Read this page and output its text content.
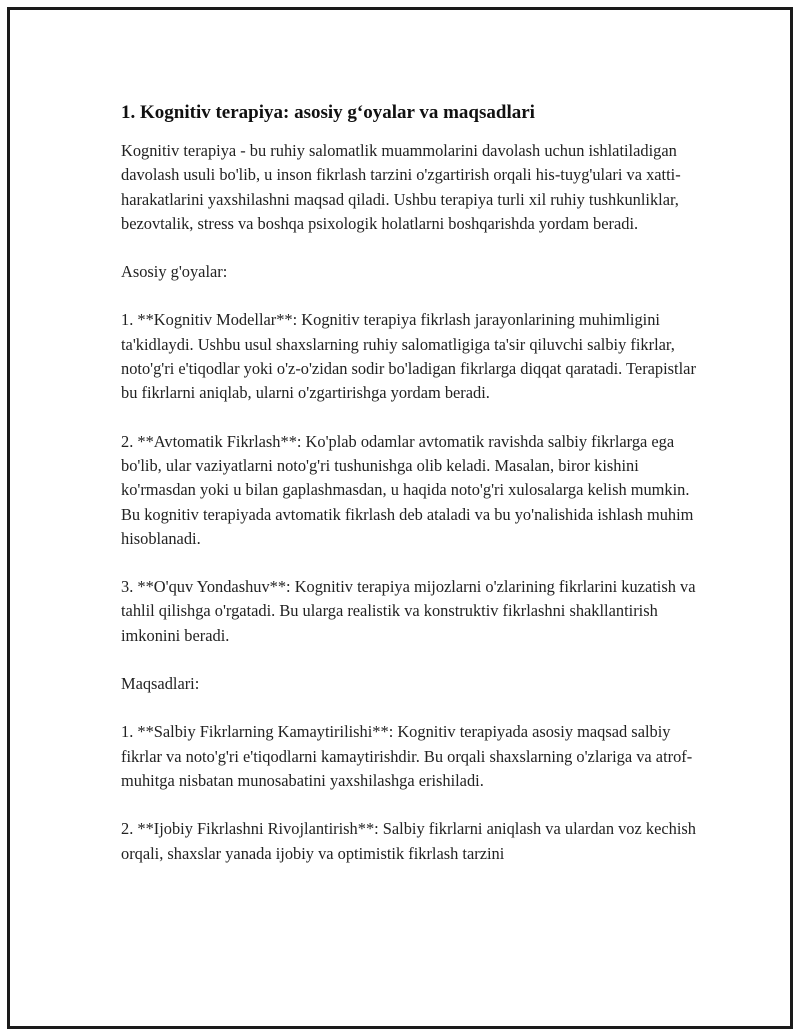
1. Kognitiv terapiya: asosiy g‘oyalar va maqsadlari

Kognitiv terapiya - bu ruhiy salomatlik muammolarini davolash uchun ishlatiladigan davolash usuli bo'lib, u inson fikrlash tarzini o'zgartirish orqali his-tuyg'ulari va xatti-harakatlarini yaxshilashni maqsad qiladi. Ushbu terapiya turli xil ruhiy tushkunliklar, bezovtalik, stress va boshqa psixologik holatlarni boshqarishda yordam beradi.

Asosiy g'oyalar:

1. **Kognitiv Modellar**: Kognitiv terapiya fikrlash jarayonlarining muhimligini ta'kidlaydi. Ushbu usul shaxslarning ruhiy salomatligiga ta'sir qiluvchi salbiy fikrlar, noto'g'ri e'tiqodlar yoki o'z-o'zidan sodir bo'ladigan fikrlarga diqqat qaratadi. Terapistlar bu fikrlarni aniqlab, ularni o'zgartirishga yordam beradi.

2. **Avtomatik Fikrlash**: Ko'plab odamlar avtomatik ravishda salbiy fikrlarga ega bo'lib, ular vaziyatlarni noto'g'ri tushunishga olib keladi. Masalan, biror kishini ko'rmasdan yoki u bilan gaplashmasdan, u haqida noto'g'ri xulosalarga kelish mumkin. Bu kognitiv terapiyada avtomatik fikrlash deb ataladi va bu yo'nalishida ishlash muhim hisoblanadi.

3. **O'quv Yondashuv**: Kognitiv terapiya mijozlarni o'zlarining fikrlarini kuzatish va tahlil qilishga o'rgatadi. Bu ularga realistik va konstruktiv fikrlashni shakllantirish imkonini beradi.

Maqsadlari:

1. **Salbiy Fikrlarning Kamaytirilishi**: Kognitiv terapiyada asosiy maqsad salbiy fikrlar va noto'g'ri e'tiqodlarni kamaytirishdir. Bu orqali shaxslarning o'zlariga va atrof-muhitga nisbatan munosabatini yaxshilashga erishiladi.

2. **Ijobiy Fikrlashni Rivojlantirish**: Salbiy fikrlarni aniqlash va ulardan voz kechish orqali, shaxslar yanada ijobiy va optimistik fikrlash tarzini
